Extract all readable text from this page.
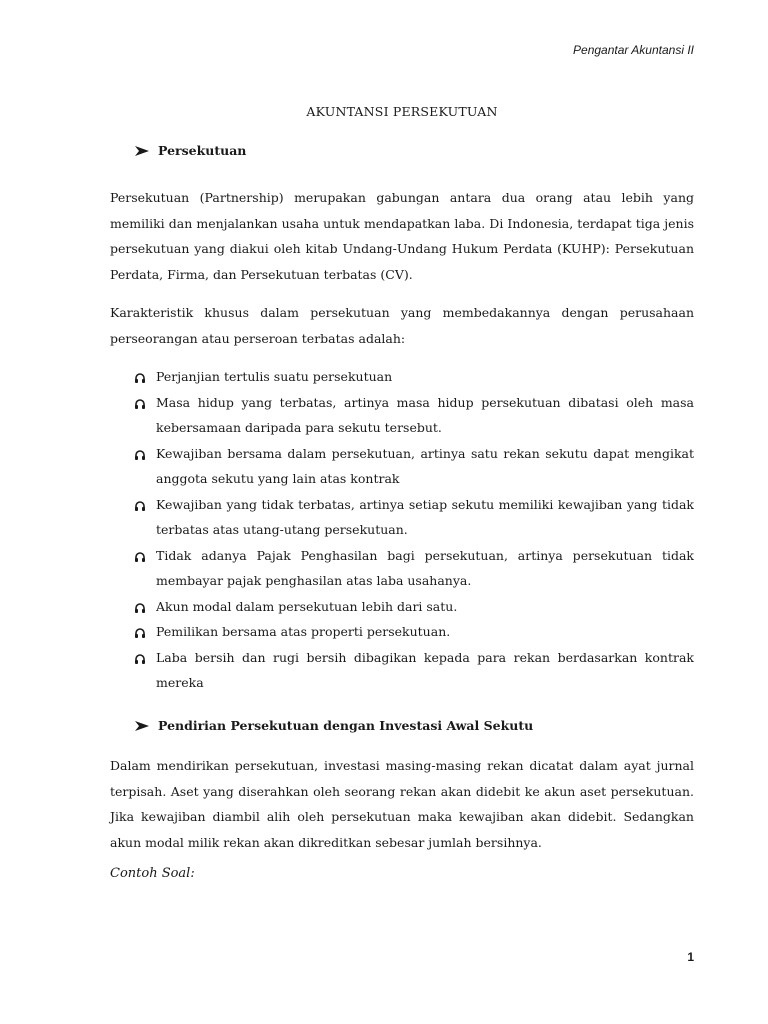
Pengantar Akuntansi II
AKUNTANSI PERSEKUTUAN
Persekutuan

Persekutuan (Partnership) merupakan gabungan antara dua orang atau lebih yang memiliki dan menjalankan usaha untuk mendapatkan laba. Di Indonesia, terdapat tiga jenis persekutuan yang diakui oleh kitab Undang-Undang Hukum Perdata (KUHP): Persekutuan Perdata, Firma, dan Persekutuan terbatas (CV).

Karakteristik khusus dalam persekutuan yang membedakannya dengan perusahaan perseorangan atau perseroan terbatas adalah:

Perjanjian tertulis suatu persekutuan
Masa hidup yang terbatas, artinya masa hidup persekutuan dibatasi oleh masa kebersamaan daripada para sekutu tersebut.
Kewajiban bersama dalam persekutuan, artinya satu rekan sekutu dapat mengikat anggota sekutu yang lain atas kontrak
Kewajiban yang tidak terbatas, artinya setiap sekutu memiliki kewajiban yang tidak terbatas atas utang-utang persekutuan.
Tidak adanya Pajak Penghasilan bagi persekutuan, artinya persekutuan tidak membayar pajak penghasilan atas laba usahanya.
Akun modal dalam persekutuan lebih dari satu.
Pemilikan bersama atas properti persekutuan.
Laba bersih dan rugi bersih dibagikan kepada para rekan berdasarkan kontrak mereka
Pendirian Persekutuan dengan Investasi Awal Sekutu

Dalam mendirikan persekutuan, investasi masing-masing rekan dicatat dalam ayat jurnal terpisah. Aset yang diserahkan oleh seorang rekan akan didebit ke akun aset persekutuan. Jika kewajiban diambil alih oleh persekutuan maka kewajiban akan didebit. Sedangkan akun modal milik rekan akan dikreditkan sebesar jumlah bersihnya.

Contoh Soal:
1
